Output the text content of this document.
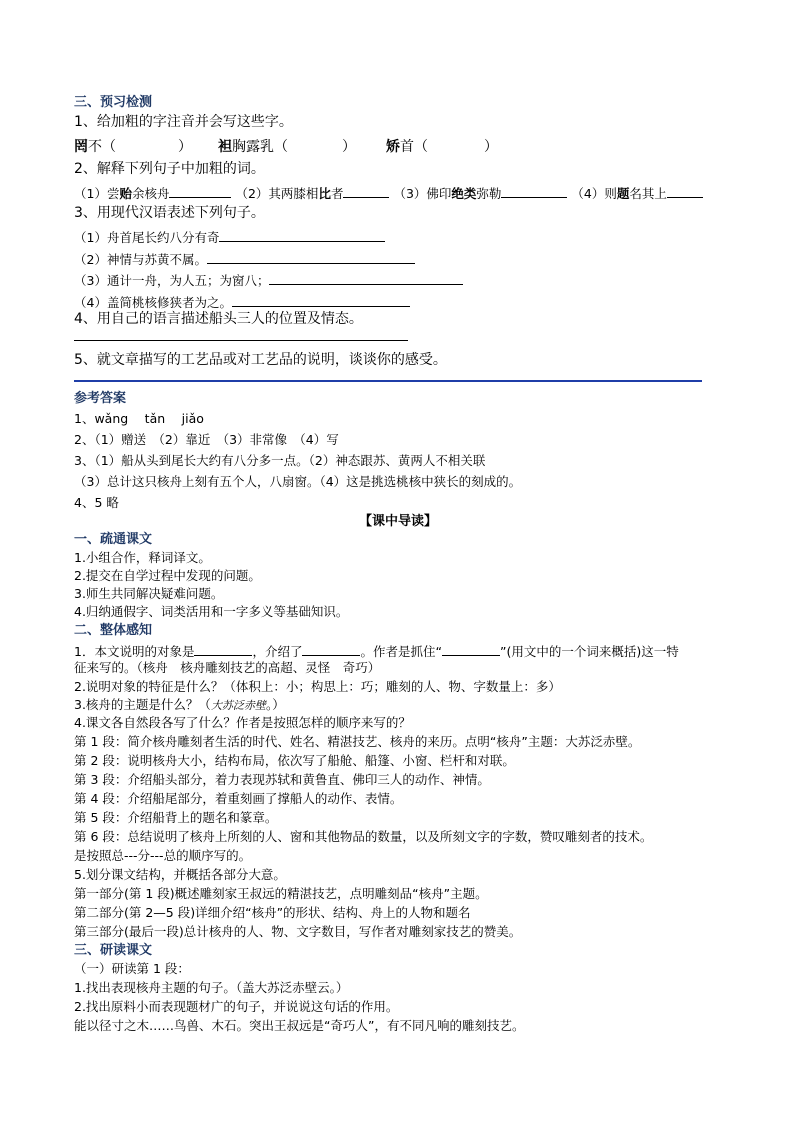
三、预习检测
1、给加粗的字注音并会写这些字。
罔不（	） 袒胸露乳（	） 矫首（	）
2、解释下列句子中加粗的词。
（1）尝贻余核舟	（2）其两膝相比者	（3）佛印绝类弥勒	（4）则题名其上
3、用现代汉语表述下列句子。
（1）舟首尾长约八分有奇
（2）神情与苏黄不属。
（3）通计一舟，为人五；为窗八；
（4）盖简桃核修狭者为之。
4、用自己的语言描述船头三人的位置及情态。
5、就文章描写的工艺品或对工艺品的说明，谈谈你的感受。
参考答案
1、wǎng　 tǎn　 jiǎo
2、（1）赠送　（2）靠近　（3）非常像　（4）写
3、（1）船从头到尾长大约有八分多一点。（2）神态跟苏、黄两人不相关联
（3）总计这只核舟上刻有五个人，八扇窗。（4）这是挑选桃核中狭长的刻成的。
4、5 略
【课中导读】
一、疏通课文
1.小组合作，释词译文。
2.提交在自学过程中发现的问题。
3.师生共同解决疑难问题。
4.归纳通假字、词类活用和一字多义等基础知识。
二、整体感知
1．本文说明的对象是	，介绍了	。作者是抓住“	”(用文中的一个词来概括)这一特
征来写的。（核舟　核舟雕刻技艺的高超、灵怪　奇巧）
2.说明对象的特征是什么？（体积上：小；构思上：巧；雕刻的人、物、字数量上：多）
3.核舟的主题是什么？（大苏泛赤壁。）
4.课文各自然段各写了什么？作者是按照怎样的顺序来写的？
第 1 段：简介核舟雕刻者生活的时代、姓名、精湛技艺、核舟的来历。点明“核舟”主题：大苏泛赤壁。
第 2 段：说明核舟大小，结构布局，依次写了船舱、船篷、小窗、栏杆和对联。
第 3 段：介绍船头部分，着力表现苏轼和黄鲁直、佛印三人的动作、神情。
第 4 段：介绍船尾部分，着重刻画了撑船人的动作、表情。
第 5 段：介绍船背上的题名和篆章。
第 6 段：总结说明了核舟上所刻的人、窗和其他物品的数量，以及所刻文字的字数，赞叹雕刻者的技术。
是按照总---分---总的顺序写的。
5.划分课文结构，并概括各部分大意。
第一部分(第 1 段)概述雕刻家王叔远的精湛技艺，点明雕刻品“核舟”主题。
第二部分(第 2—5 段)详细介绍“核舟”的形状、结构、舟上的人物和题名
第三部分(最后一段)总计核舟的人、物、文字数目，写作者对雕刻家技艺的赞美。
三、研读课文
（一）研读第 1 段：
1.找出表现核舟主题的句子。（盖大苏泛赤壁云。）
2.找出原料小而表现题材广的句子，并说说这句话的作用。
能以径寸之木……鸟兽、木石。突出王叔远是“奇巧人”，有不同凡响的雕刻技艺。
